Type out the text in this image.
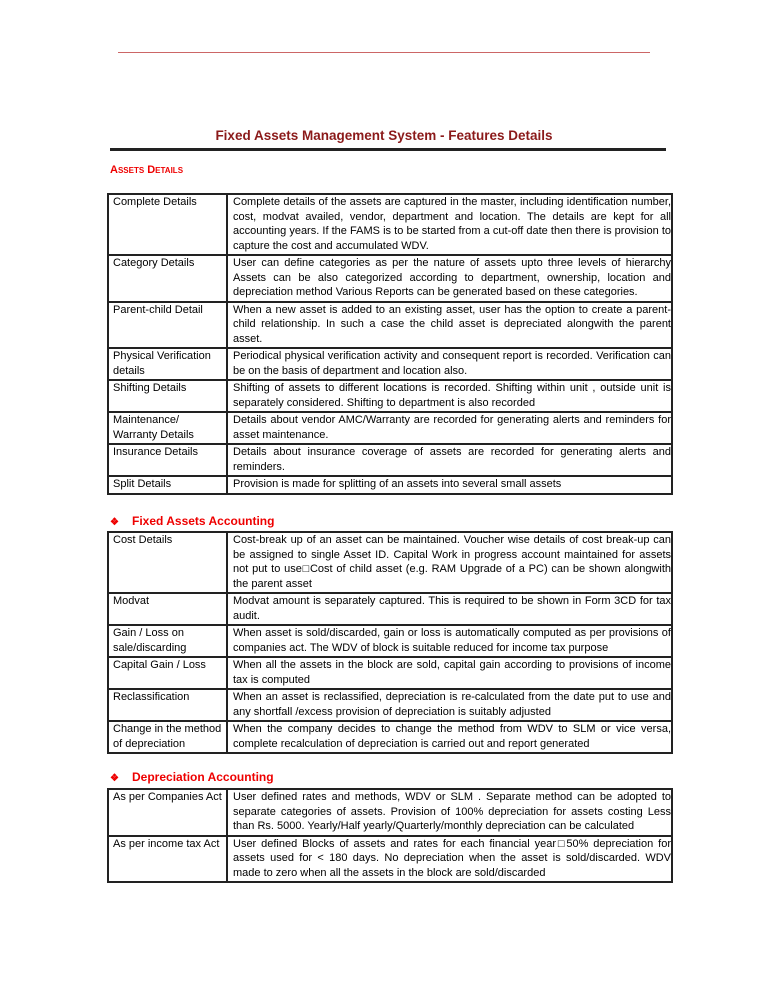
Fixed Assets Management System - Features Details
Assets Details
Complete Details	Complete details of the assets are captured in the master, including identification number, cost, modvat availed, vendor, department and location. The details are kept for all accounting years. If the FAMS is to be started from a cut-off date then there is provision to capture the cost and accumulated WDV.
Category Details	User can define categories as per the nature of assets upto three levels of hierarchy Assets can be also categorized according to department, ownership, location and depreciation method Various Reports can be generated based on these categories.
Parent-child Detail	When a new asset is added to an existing asset, user has the option to create a parent-child relationship. In such a case the child asset is depreciated alongwith the parent asset.
Physical Verification details	Periodical physical verification activity and consequent report is recorded. Verification can be on the basis of department and location also.
Shifting Details	Shifting of assets to different locations is recorded. Shifting within unit , outside unit is separately considered. Shifting to department is also recorded
Maintenance/ Warranty Details	Details about vendor AMC/Warranty are recorded for generating alerts and reminders for asset maintenance.
Insurance Details	Details about insurance coverage of assets are recorded for generating alerts and reminders.
Split Details	Provision is made for splitting of an assets into several small assets
❖ Fixed Assets Accounting
Cost Details	Cost-break up of an asset can be maintained. Voucher wise details of cost break-up can be assigned to single Asset ID. Capital Work in progress account maintained for assets not put to use□Cost of child asset (e.g. RAM Upgrade of a PC) can be shown alongwith the parent asset
Modvat	Modvat amount is separately captured. This is required to be shown in Form 3CD for tax audit.
Gain / Loss on sale/discarding	When asset is sold/discarded, gain or loss is automatically computed as per provisions of companies act. The WDV of block is suitable reduced for income tax purpose
Capital Gain / Loss	When all the assets in the block are sold, capital gain according to provisions of income tax is computed
Reclassification	When an asset is reclassified, depreciation is re-calculated from the date put to use and any shortfall /excess provision of depreciation is suitably adjusted
Change in the method of depreciation	When the company decides to change the method from WDV to SLM or vice versa, complete recalculation of depreciation is carried out and report generated
❖ Depreciation Accounting
As per Companies Act	User defined rates and methods, WDV or SLM . Separate method can be adopted to separate categories of assets. Provision of 100% depreciation for assets costing Less than Rs. 5000. Yearly/Half yearly/Quarterly/monthly depreciation can be calculated
As per income tax Act	User defined Blocks of assets and rates for each financial year□50% depreciation for assets used for < 180 days. No depreciation when the asset is sold/discarded. WDV made to zero when all the assets in the block are sold/discarded
